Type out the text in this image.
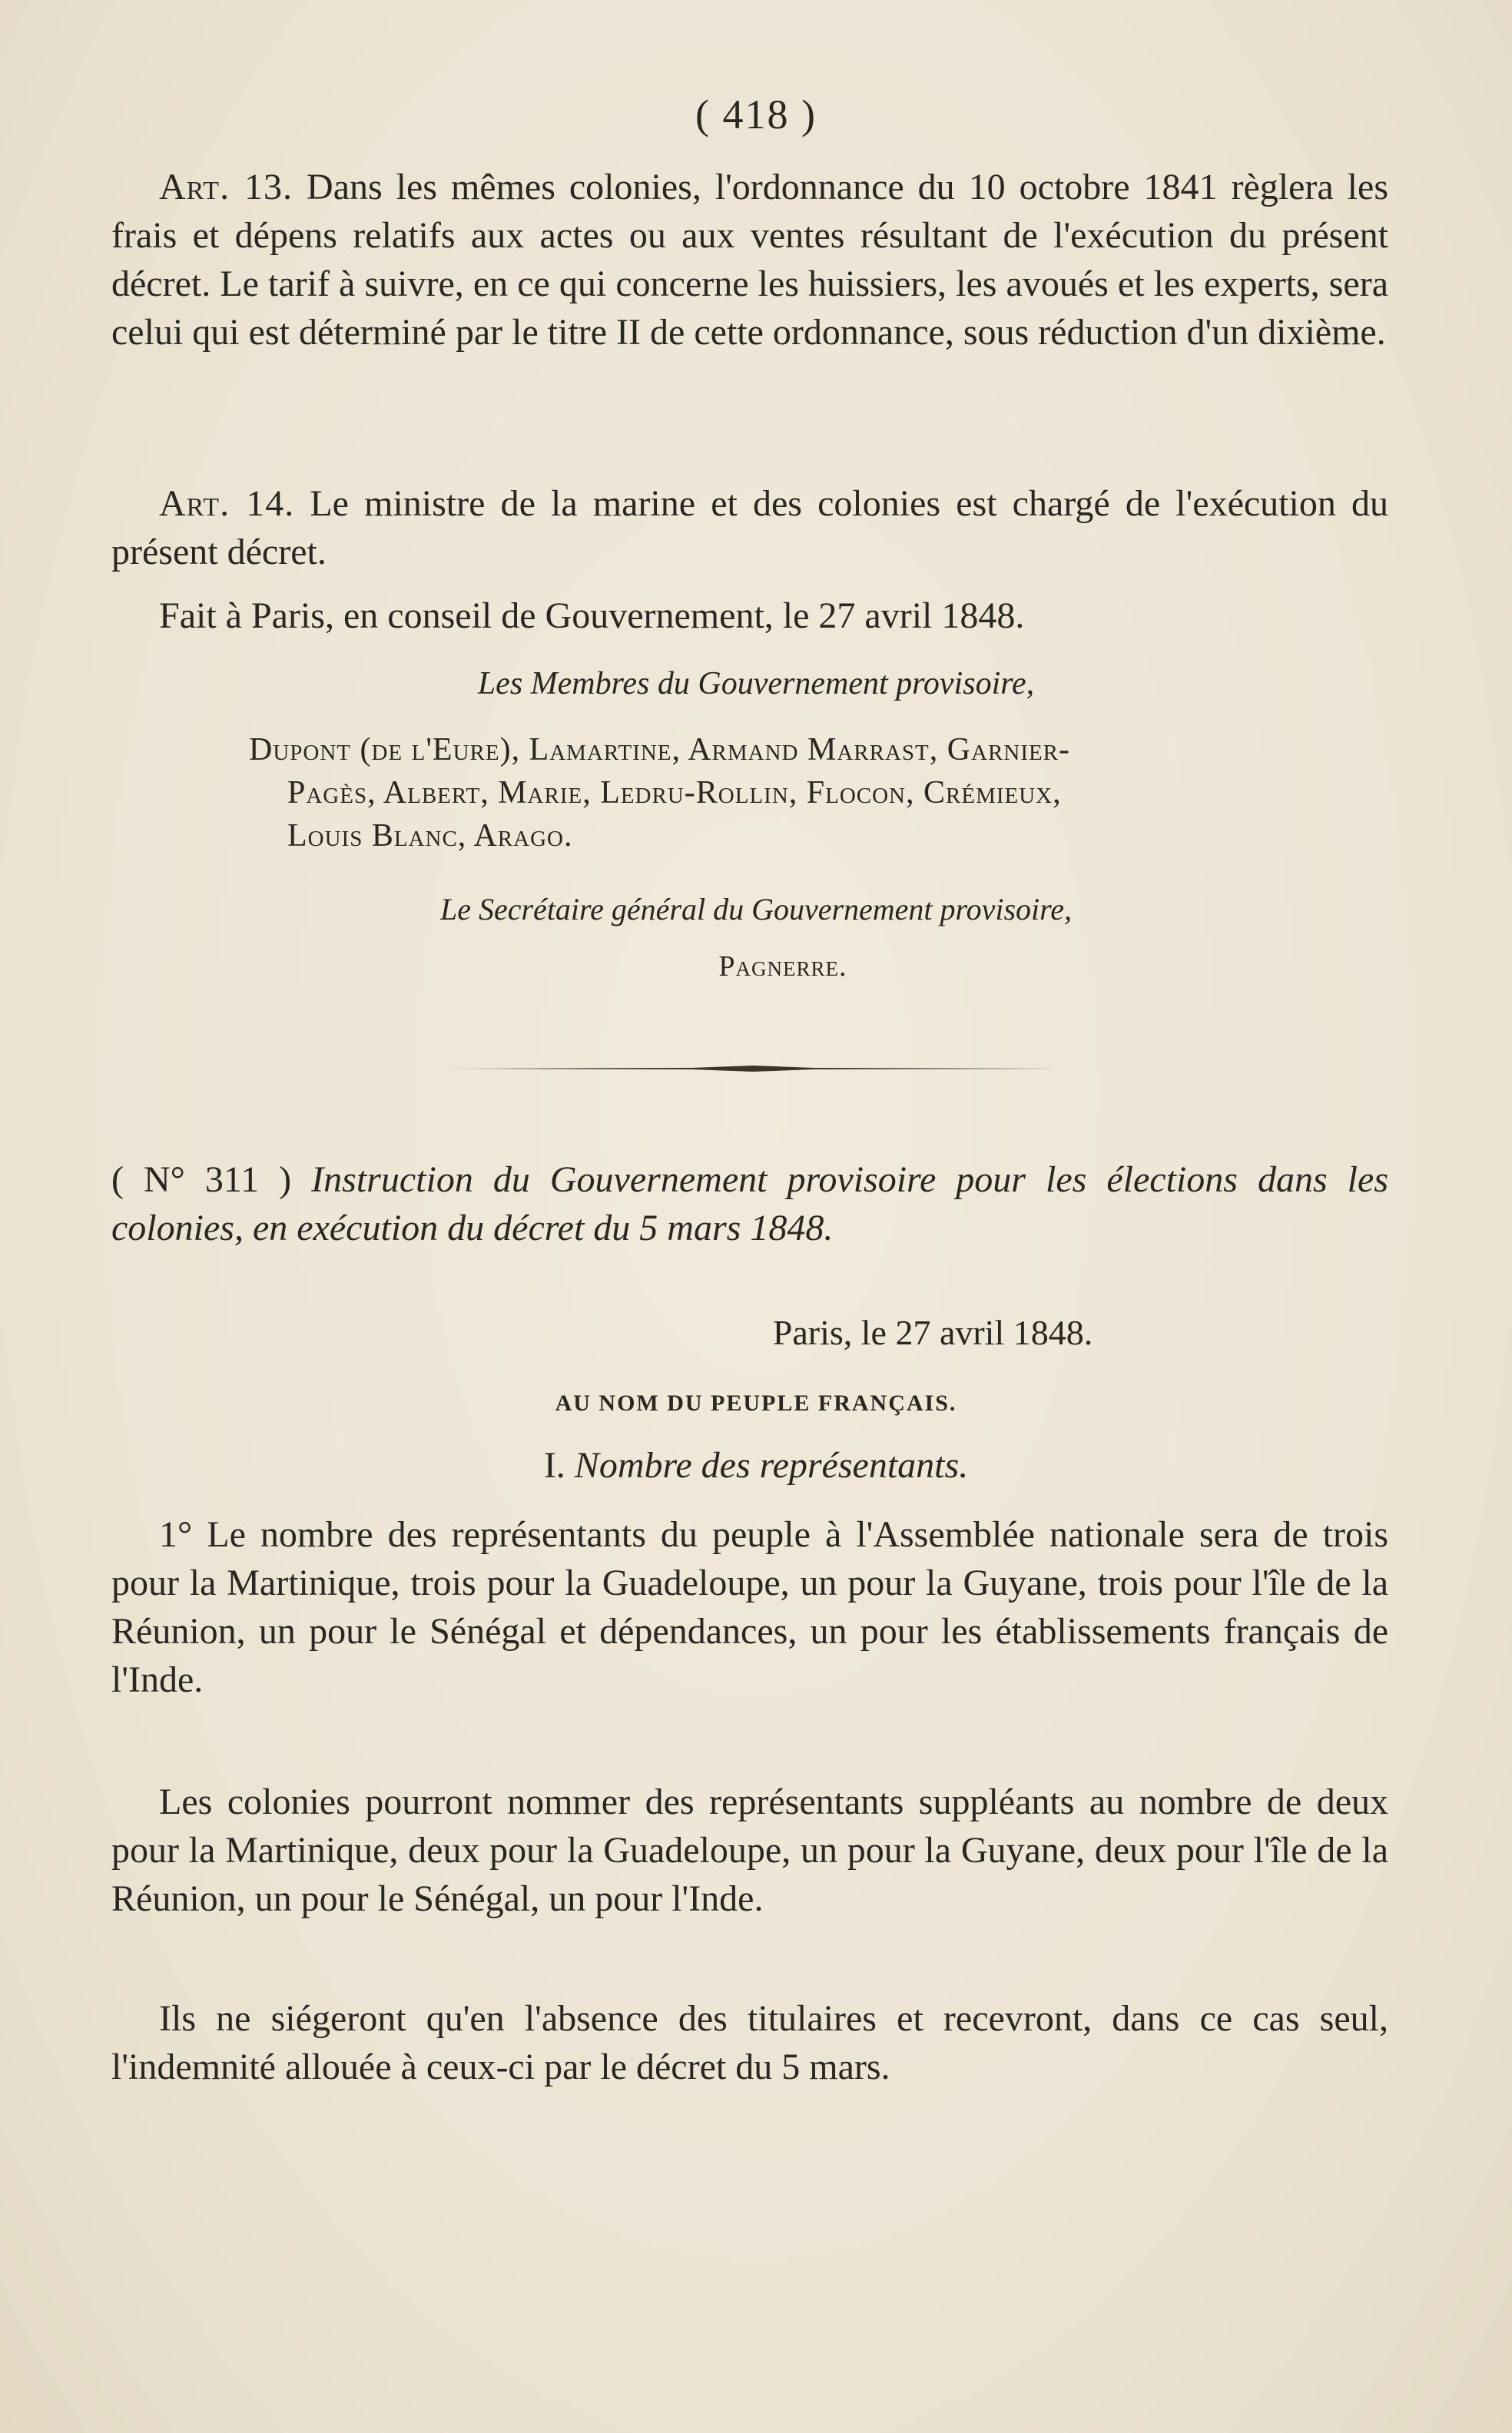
( 418 )

Art. 13. Dans les mêmes colonies, l'ordonnance du 10 octobre 1841 règlera les frais et dépens relatifs aux actes ou aux ventes résultant de l'exécution du présent décret. Le tarif à suivre, en ce qui concerne les huissiers, les avoués et les experts, sera celui qui est déterminé par le titre II de cette ordonnance, sous réduction d'un dixième.

Art. 14. Le ministre de la marine et des colonies est chargé de l'exécution du présent décret.

Fait à Paris, en conseil de Gouvernement, le 27 avril 1848.

Les Membres du Gouvernement provisoire,
Dupont (de l'Eure), Lamartine, Armand Marrast, Garnier-
Pagès, Albert, Marie, Ledru-Rollin, Flocon, Crémieux,
Louis Blanc, Arago.
Le Secrétaire général du Gouvernement provisoire,
Pagnerre.

( N° 311 ) Instruction du Gouvernement provisoire pour les élections dans les colonies, en exécution du décret du 5 mars 1848.

Paris, le 27 avril 1848.
AU NOM DU PEUPLE FRANÇAIS.
I. Nombre des représentants.

1° Le nombre des représentants du peuple à l'Assemblée nationale sera de trois pour la Martinique, trois pour la Guadeloupe, un pour la Guyane, trois pour l'île de la Réunion, un pour le Sénégal et dépendances, un pour les établissements français de l'Inde.

Les colonies pourront nommer des représentants suppléants au nombre de deux pour la Martinique, deux pour la Guadeloupe, un pour la Guyane, deux pour l'île de la Réunion, un pour le Sénégal, un pour l'Inde.

Ils ne siégeront qu'en l'absence des titulaires et recevront, dans ce cas seul, l'indemnité allouée à ceux-ci par le décret du 5 mars.
